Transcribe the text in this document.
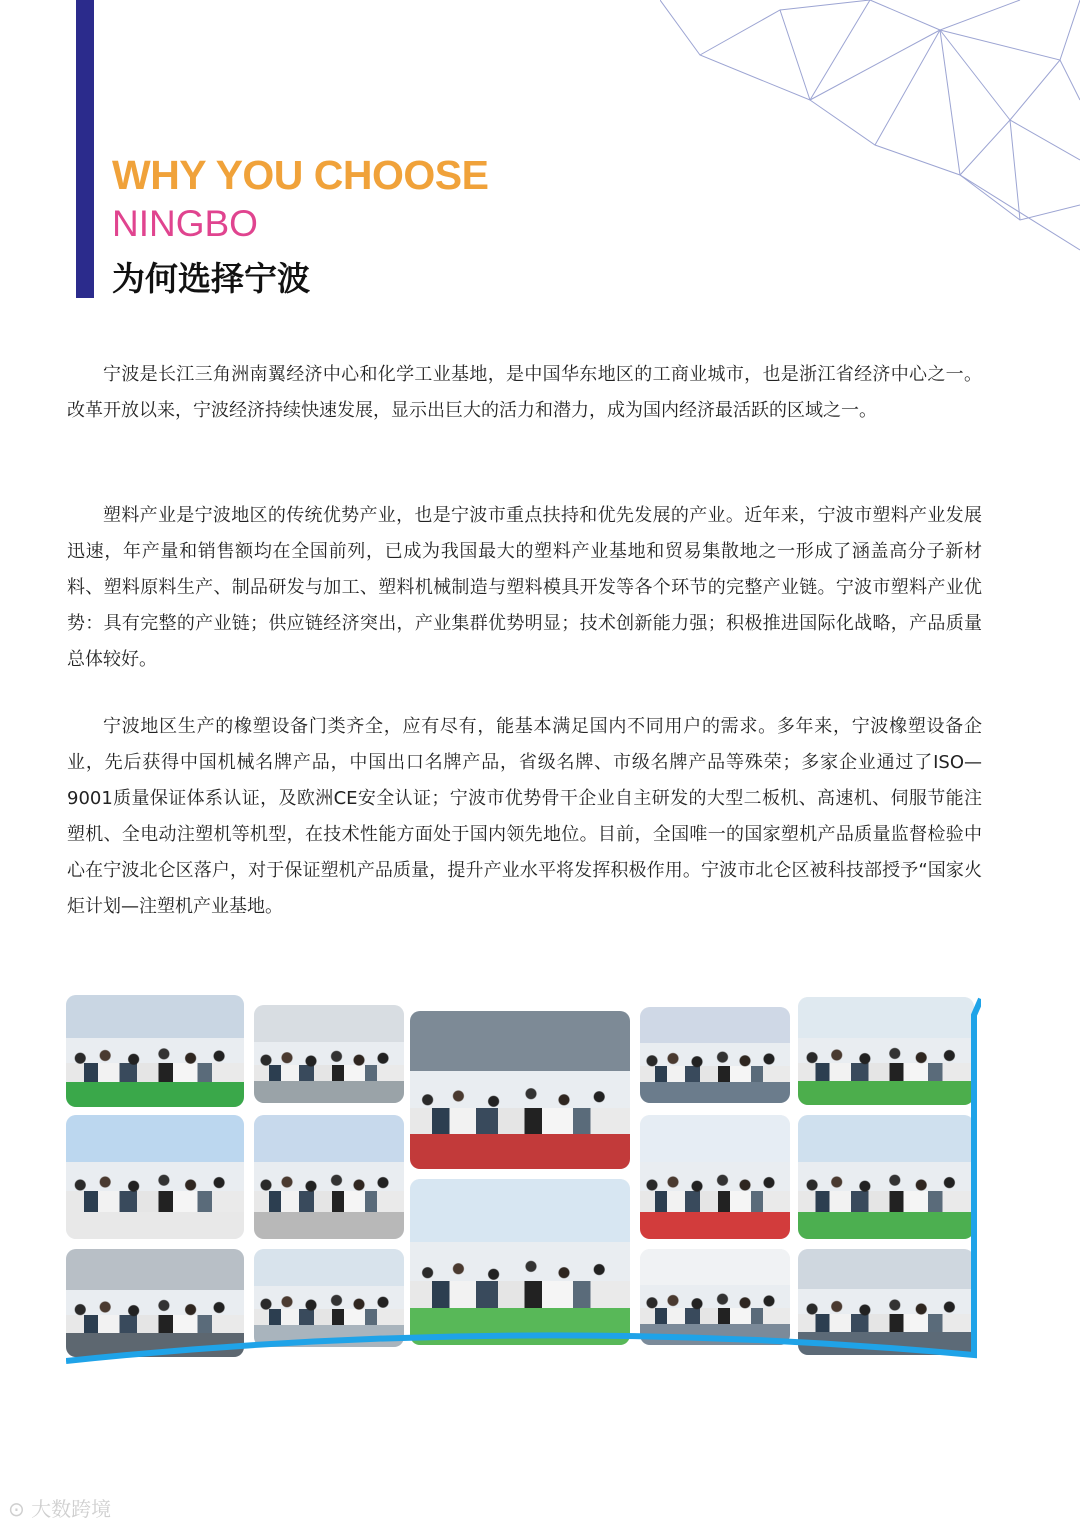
WHY YOU CHOOSE
NINGBO
为何选择宁波

宁波是长江三角洲南翼经济中心和化学工业基地，是中国华东地区的工商业城市，也是浙江省经济中心之一。改革开放以来，宁波经济持续快速发展，显示出巨大的活力和潜力，成为国内经济最活跃的区域之一。

塑料产业是宁波地区的传统优势产业，也是宁波市重点扶持和优先发展的产业。近年来，宁波市塑料产业发展迅速，年产量和销售额均在全国前列，已成为我国最大的塑料产业基地和贸易集散地之一形成了涵盖高分子新材料、塑料原料生产、制品研发与加工、塑料机械制造与塑料模具开发等各个环节的完整产业链。宁波市塑料产业优势：具有完整的产业链；供应链经济突出，产业集群优势明显；技术创新能力强；积极推进国际化战略，产品质量总体较好。

宁波地区生产的橡塑设备门类齐全，应有尽有，能基本满足国内不同用户的需求。多年来，宁波橡塑设备企业，先后获得中国机械名牌产品，中国出口名牌产品，省级名牌、市级名牌产品等殊荣；多家企业通过了ISO—9001质量保证体系认证，及欧洲CE安全认证；宁波市优势骨干企业自主研发的大型二板机、高速机、伺服节能注塑机、全电动注塑机等机型，在技术性能方面处于国内领先地位。目前，全国唯一的国家塑机产品质量监督检验中心在宁波北仑区落户，对于保证塑机产品质量，提升产业水平将发挥积极作用。宁波市北仑区被科技部授予“国家火炬计划—注塑机产业基地。

⊙ 大数跨境
